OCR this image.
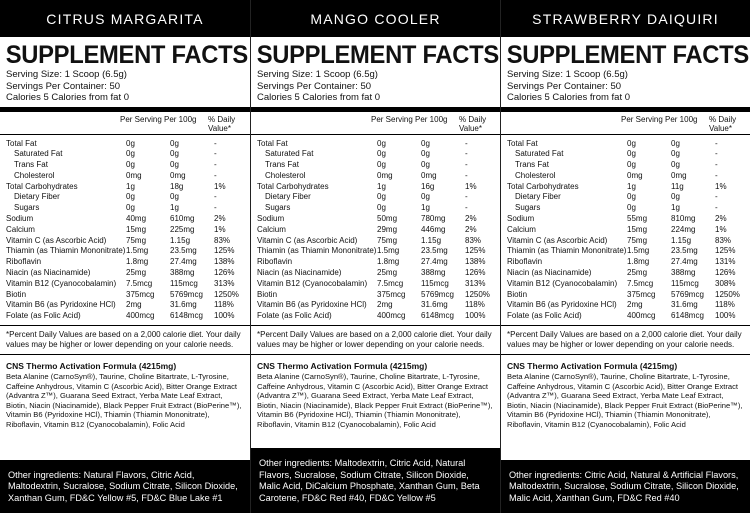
CITRUS MARGARITA
SUPPLEMENT FACTS
Serving Size: 1 Scoop (6.5g)
Servings Per Container: 50
Calories 5 Calories from fat 0
Per Serving Per 100g	% Daily Value*
Total Fat	0g	0g	-
Saturated Fat	0g	0g	-
Trans Fat	0g	0g	-
Cholesterol	0mg	0mg	-
Total Carbohydrates	1g	18g	1%
Dietary Fiber	0g	0g	-
Sugars	0g	1g	-
Sodium	40mg	610mg	2%
Calcium	15mg	225mg	1%
Vitamin C (as Ascorbic Acid)	75mg	1.15g	83%
Thiamin (as Thiamin Mononitrate) 1.5mg	23.5mg	125%
Riboflavin	1.8mg	27.4mg	138%
Niacin (as Niacinamide)	25mg	388mg	126%
Vitamin B12 (Cyanocobalamin)	7.5mcg	115mcg	313%
Biotin	375mcg	5769mcg	1250%
Vitamin B6 (as Pyridoxine HCl)	2mg	31.6mg	118%
Folate (as Folic Acid)	400mcg	6148mcg	100%
*Percent Daily Values are based on a 2,000 calorie diet. Your daily values may be higher or lower depending on your calorie needs.
CNS Thermo Activation Formula (4215mg)
Beta Alanine (CarnoSyn®), Taurine, Choline Bitartrate, L-Tyrosine, Caffeine Anhydrous, Vitamin C (Ascorbic Acid), Bitter Orange Extract (Advantra Z™), Guarana Seed Extract, Yerba Mate Leaf Extract, Biotin, Niacin (Niacinamide), Black Pepper Fruit Extract (BioPerine™), Vitamin B6 (Pyridoxine HCl), Thiamin (Thiamin Mononitrate), Riboflavin, Vitamin B12 (Cyanocobalamin), Folic Acid
Other ingredients: Natural Flavors, Citric Acid, Maltodextrin, Sucralose, Sodium Citrate, Silicon Dioxide, Xanthan Gum, FD&C Yellow #5, FD&C Blue Lake #1
MANGO COOLER
SUPPLEMENT FACTS
Serving Size: 1 Scoop (6.5g)
Servings Per Container: 50
Calories 5 Calories from fat 0
Per Serving Per 100g	% Daily Value*
Total Fat	0g	0g	-
Saturated Fat	0g	0g	-
Trans Fat	0g	0g	-
Cholesterol	0mg	0mg	-
Total Carbohydrates	1g	16g	1%
Dietary Fiber	0g	0g	-
Sugars	0g	1g	-
Sodium	50mg	780mg	2%
Calcium	29mg	446mg	2%
Vitamin C (as Ascorbic Acid)	75mg	1.15g	83%
Thiamin (as Thiamin Mononitrate) 1.5mg	23.5mg	125%
Riboflavin	1.8mg	27.4mg	138%
Niacin (as Niacinamide)	25mg	388mg	126%
Vitamin B12 (Cyanocobalamin)	7.5mcg	115mcg	313%
Biotin	375mcg	5769mcg	1250%
Vitamin B6 (as Pyridoxine HCl)	2mg	31.6mg	118%
Folate (as Folic Acid)	400mcg	6148mcg	100%
*Percent Daily Values are based on a 2,000 calorie diet. Your daily values may be higher or lower depending on your calorie needs.
CNS Thermo Activation Formula (4215mg)
Beta Alanine (CarnoSyn®), Taurine, Choline Bitartrate, L-Tyrosine, Caffeine Anhydrous, Vitamin C (Ascorbic Acid), Bitter Orange Extract (Advantra Z™), Guarana Seed Extract, Yerba Mate Leaf Extract, Biotin, Niacin (Niacinamide), Black Pepper Fruit Extract (BioPerine™), Vitamin B6 (Pyridoxine HCl), Thiamin (Thiamin Mononitrate), Riboflavin, Vitamin B12 (Cyanocobalamin), Folic Acid
Other ingredients: Maltodextrin, Citric Acid, Natural Flavors, Sucralose, Sodium Citrate, Silicon Dioxide, Malic Acid, DiCalcium Phosphate, Xanthan Gum, Beta Carotene, FD&C Red #40, FD&C Yellow #5
STRAWBERRY DAIQUIRI
SUPPLEMENT FACTS
Serving Size: 1 Scoop (6.5g)
Servings Per Container: 50
Calories 5 Calories from fat 0
Per Serving Per 100g	% Daily Value*
Total Fat	0g	0g	-
Saturated Fat	0g	0g	-
Trans Fat	0g	0g	-
Cholesterol	0mg	0mg	-
Total Carbohydrates	1g	11g	1%
Dietary Fiber	0g	0g	-
Sugars	0g	1g	-
Sodium	55mg	810mg	2%
Calcium	15mg	224mg	1%
Vitamin C (as Ascorbic Acid)	75mg	1.15g	83%
Thiamin (as Thiamin Mononitrate) 1.5mg	23.5mg	125%
Riboflavin	1.8mg	27.4mg	131%
Niacin (as Niacinamide)	25mg	388mg	126%
Vitamin B12 (Cyanocobalamin)	7.5mcg	115mcg	308%
Biotin	375mcg	5769mcg	1250%
Vitamin B6 (as Pyridoxine HCl)	2mg	31.6mg	118%
Folate (as Folic Acid)	400mcg	6148mcg	100%
*Percent Daily Values are based on a 2,000 calorie diet. Your daily values may be higher or lower depending on your calorie needs.
CNS Thermo Activation Formula (4215mg)
Beta Alanine (CarnoSyn®), Taurine, Choline Bitartrate, L-Tyrosine, Caffeine Anhydrous, Vitamin C (Ascorbic Acid), Bitter Orange Extract (Advantra Z™), Guarana Seed Extract, Yerba Mate Leaf Extract, Biotin, Niacin (Niacinamide), Black Pepper Fruit Extract (BioPerine™), Vitamin B6 (Pyridoxine HCl), Thiamin (Thiamin Mononitrate), Riboflavin, Vitamin B12 (Cyanocobalamin), Folic Acid
Other ingredients: Citric Acid, Natural & Artificial Flavors, Maltodextrin, Sucralose, Sodium Citrate, Silicon Dioxide, Malic Acid, Xanthan Gum, FD&C Red #40
